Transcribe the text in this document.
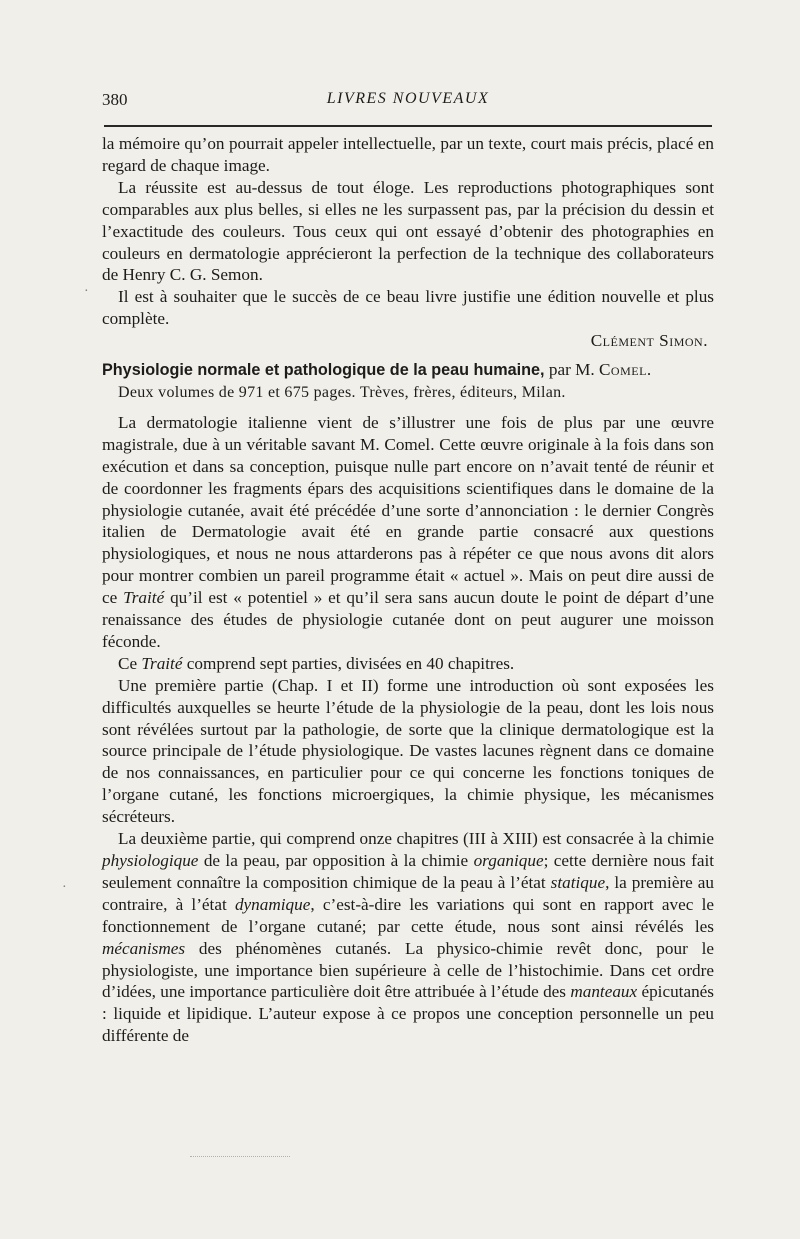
380	LIVRES NOUVEAUX

la mémoire qu’on pourrait appeler intellectuelle, par un texte, court mais précis, placé en regard de chaque image.

La réussite est au-dessus de tout éloge. Les reproductions photographiques sont comparables aux plus belles, si elles ne les surpassent pas, par la précision du dessin et l’exactitude des couleurs. Tous ceux qui ont essayé d’obtenir des photographies en couleurs en dermatologie apprécieront la perfection de la technique des collaborateurs de Henry C. G. Semon.

Il est à souhaiter que le succès de ce beau livre justifie une édition nouvelle et plus complète.

Clément Simon.

Physiologie normale et pathologique de la peau humaine, par M. Comel.

Deux volumes de 971 et 675 pages. Trèves, frères, éditeurs, Milan.

La dermatologie italienne vient de s’illustrer une fois de plus par une œuvre magistrale, due à un véritable savant M. Comel. Cette œuvre originale à la fois dans son exécution et dans sa conception, puisque nulle part encore on n’avait tenté de réunir et de coordonner les fragments épars des acquisitions scientifiques dans le domaine de la physiologie cutanée, avait été précédée d’une sorte d’annonciation : le dernier Congrès italien de Dermatologie avait été en grande partie consacré aux questions physiologiques, et nous ne nous attarderons pas à répéter ce que nous avons dit alors pour montrer combien un pareil programme était « actuel ». Mais on peut dire aussi de ce Traité qu’il est « potentiel » et qu’il sera sans aucun doute le point de départ d’une renaissance des études de physiologie cutanée dont on peut augurer une moisson féconde.

Ce Traité comprend sept parties, divisées en 40 chapitres.

Une première partie (Chap. I et II) forme une introduction où sont exposées les difficultés auxquelles se heurte l’étude de la physiologie de la peau, dont les lois nous sont révélées surtout par la pathologie, de sorte que la clinique dermatologique est la source principale de l’étude physiologique. De vastes lacunes règnent dans ce domaine de nos connaissances, en particulier pour ce qui concerne les fonctions toniques de l’organe cutané, les fonctions microergiques, la chimie physique, les mécanismes sécréteurs.

La deuxième partie, qui comprend onze chapitres (III à XIII) est consacrée à la chimie physiologique de la peau, par opposition à la chimie organique; cette dernière nous fait seulement connaître la composition chimique de la peau à l’état statique, la première au contraire, à l’état dynamique, c’est-à-dire les variations qui sont en rapport avec le fonctionnement de l’organe cutané; par cette étude, nous sont ainsi révélés les mécanismes des phénomènes cutanés. La physico-chimie revêt donc, pour le physiologiste, une importance bien supérieure à celle de l’histochimie. Dans cet ordre d’idées, une importance particulière doit être attribuée à l’étude des manteaux épicutanés : liquide et lipidique. L’auteur expose à ce propos une conception personnelle un peu différente de

·
·
